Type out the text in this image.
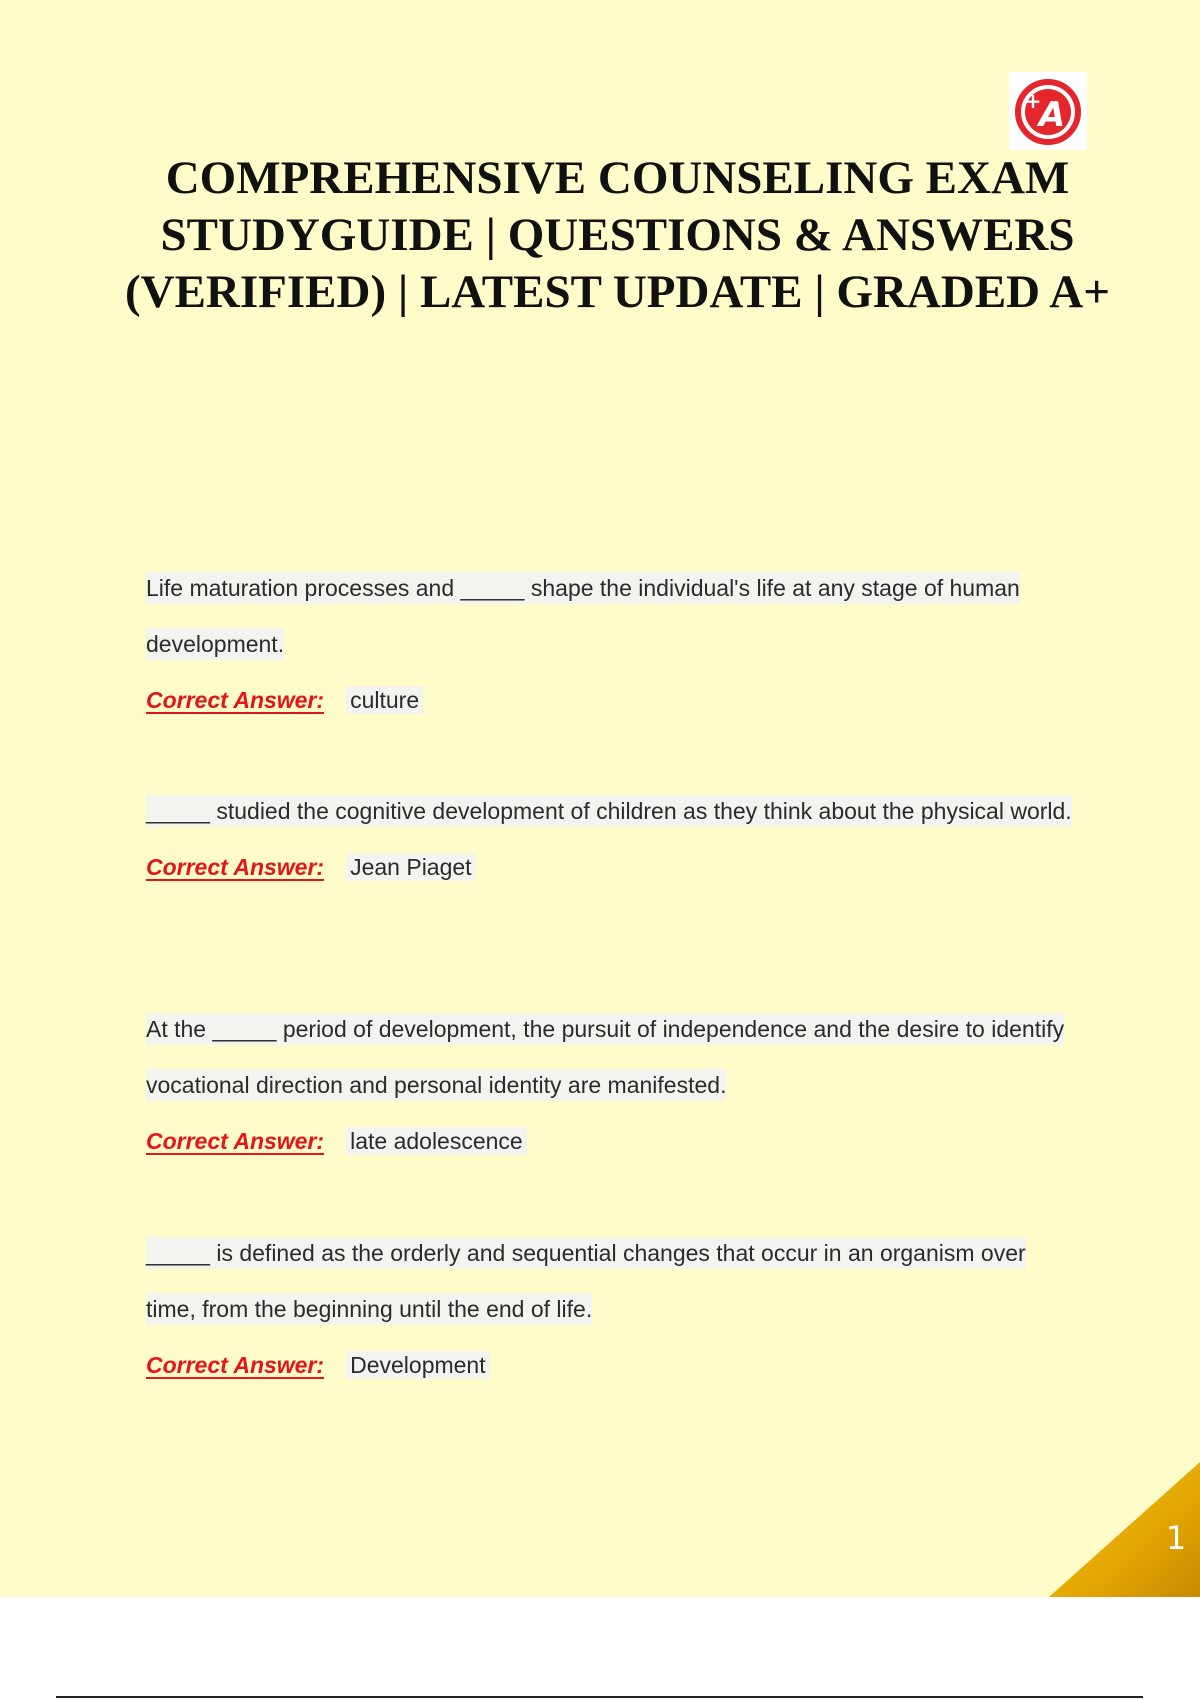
A
+
COMPREHENSIVE COUNSELING EXAM STUDYGUIDE | QUESTIONS & ANSWERS (VERIFIED) | LATEST UPDATE | GRADED A+

Life maturation processes and _____ shape the individual's life at any stage of human development.

Correct Answer: culture

_____ studied the cognitive development of children as they think about the physical world.

Correct Answer: Jean Piaget

At the _____ period of development, the pursuit of independence and the desire to identify vocational direction and personal identity are manifested.

Correct Answer: late adolescence

_____ is defined as the orderly and sequential changes that occur in an organism over time, from the beginning until the end of life.

Correct Answer: Development

1
